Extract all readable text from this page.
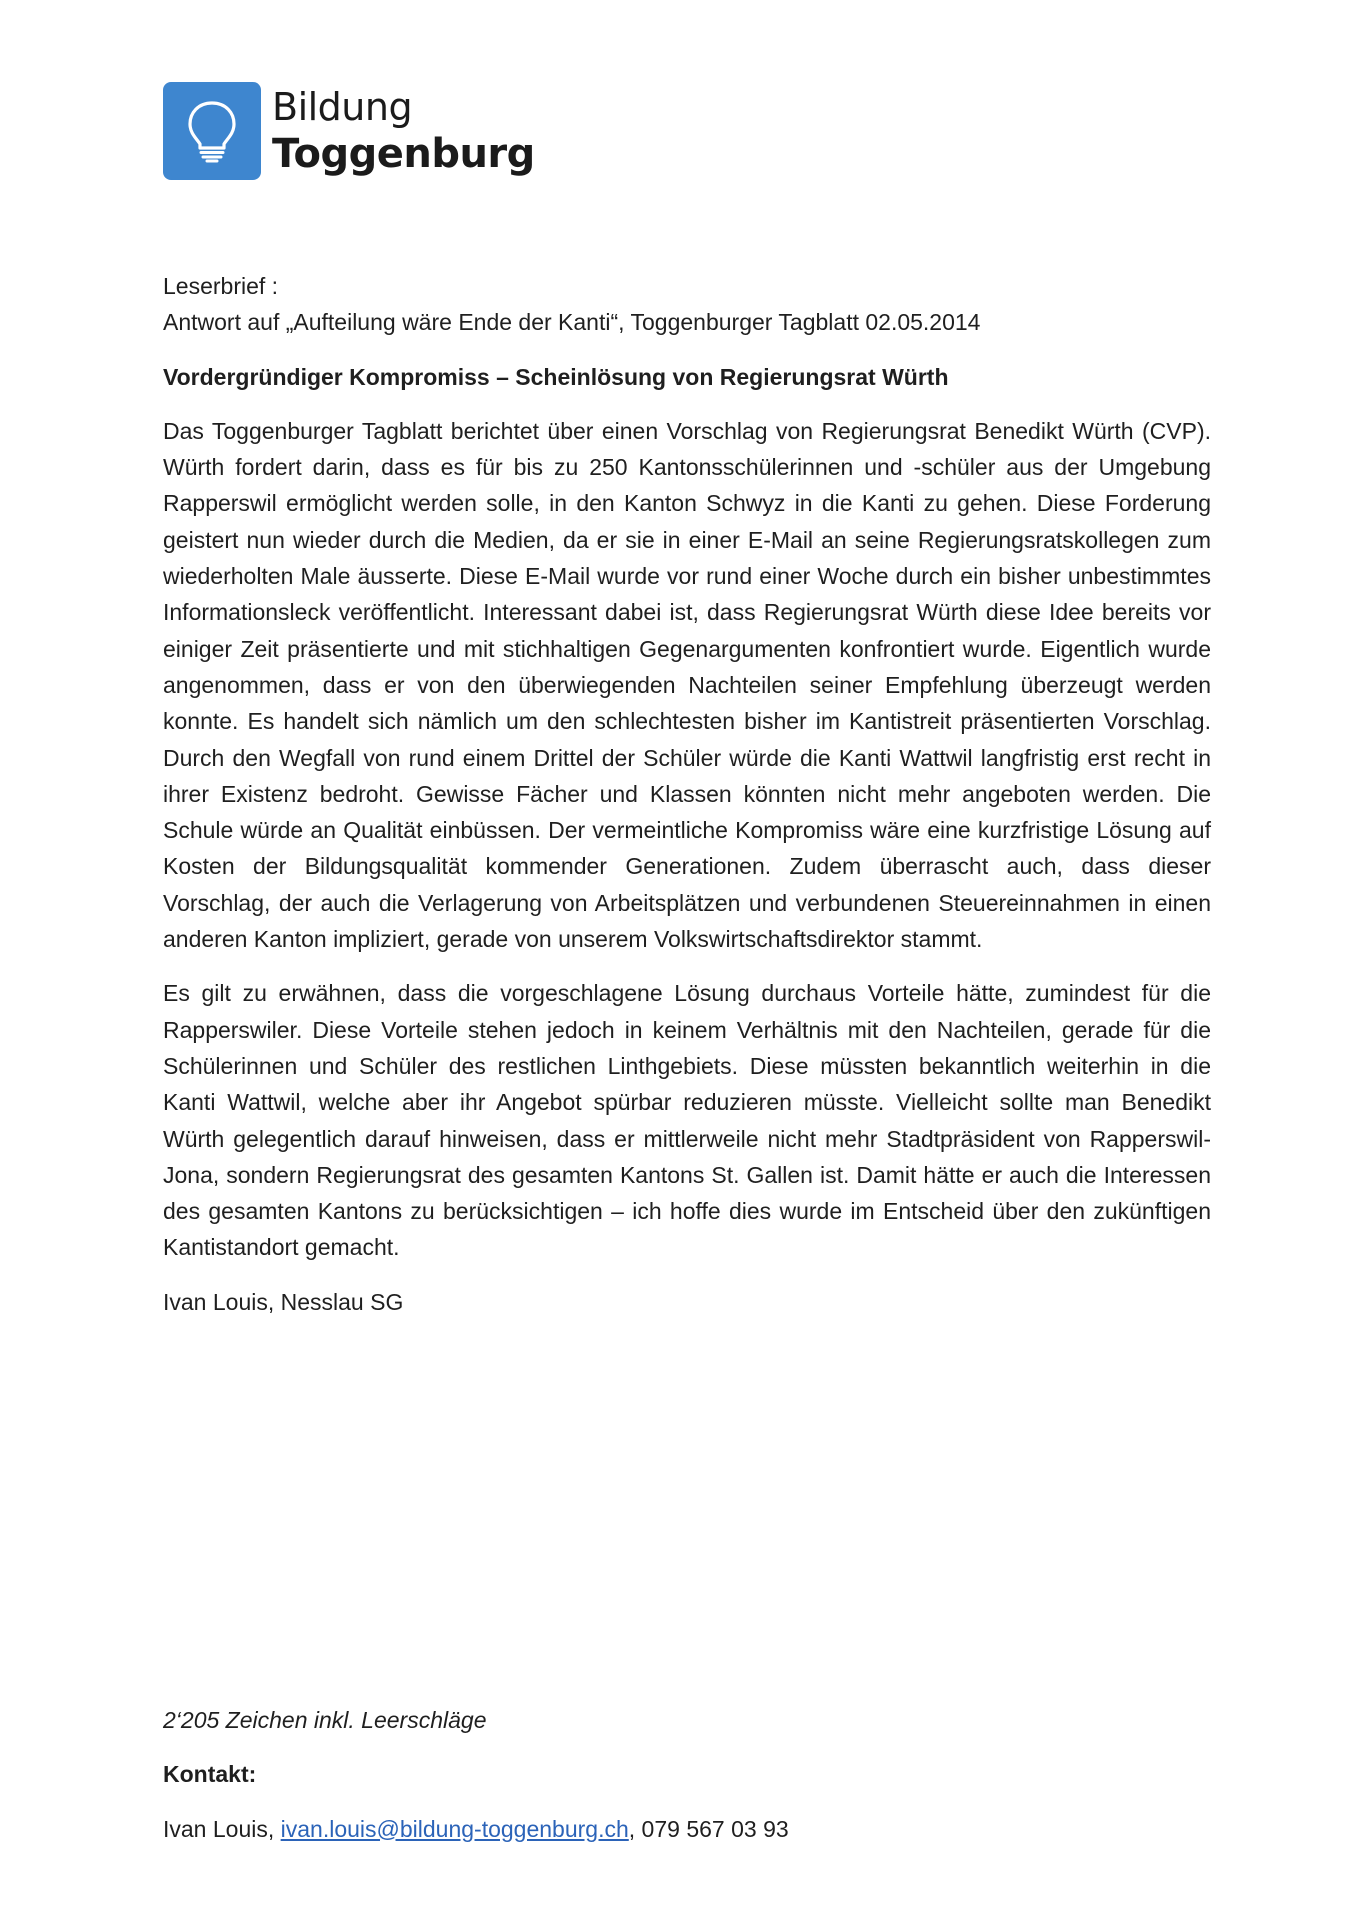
Bildung
Toggenburg

Leserbrief :

Antwort auf „Aufteilung wäre Ende der Kanti“, Toggenburger Tagblatt 02.05.2014

Vordergründiger Kompromiss – Scheinlösung von Regierungsrat Würth

Das Toggenburger Tagblatt berichtet über einen Vorschlag von Regierungsrat Benedikt Würth (CVP). Würth fordert darin, dass es für bis zu 250 Kantonsschülerinnen und -schüler aus der Umgebung Rapperswil ermöglicht werden solle, in den Kanton Schwyz in die Kanti zu gehen. Diese Forderung geistert nun wieder durch die Medien, da er sie in einer E-Mail an seine Regierungsratskollegen zum wiederholten Male äusserte. Diese E-Mail wurde vor rund einer Woche durch ein bisher unbestimmtes Informationsleck veröffentlicht. Interessant dabei ist, dass Regierungsrat Würth diese Idee bereits vor einiger Zeit präsentierte und mit stichhaltigen Gegenargumenten konfrontiert wurde. Eigentlich wurde angenommen, dass er von den überwiegenden Nachteilen seiner Empfehlung überzeugt werden konnte. Es handelt sich nämlich um den schlechtesten bisher im Kantistreit präsentierten Vorschlag. Durch den Wegfall von rund einem Drittel der Schüler würde die Kanti Wattwil langfristig erst recht in ihrer Existenz bedroht. Gewisse Fächer und Klassen könnten nicht mehr angeboten werden. Die Schule würde an Qualität einbüssen. Der vermeintliche Kompromiss wäre eine kurzfristige Lösung auf Kosten der Bildungsqualität kommender Generationen. Zudem überrascht auch, dass dieser Vorschlag, der auch die Verlagerung von Arbeitsplätzen und verbundenen Steuereinnahmen in einen anderen Kanton impliziert, gerade von unserem Volkswirtschaftsdirektor stammt.

Es gilt zu erwähnen, dass die vorgeschlagene Lösung durchaus Vorteile hätte, zumindest für die Rapperswiler. Diese Vorteile stehen jedoch in keinem Verhältnis mit den Nachteilen, gerade für die Schülerinnen und Schüler des restlichen Linthgebiets. Diese müssten bekanntlich weiterhin in die Kanti Wattwil, welche aber ihr Angebot spürbar reduzieren müsste. Vielleicht sollte man Benedikt Würth gelegentlich darauf hinweisen, dass er mittlerweile nicht mehr Stadtpräsident von Rapperswil-Jona, sondern Regierungsrat des gesamten Kantons St. Gallen ist. Damit hätte er auch die Interessen des gesamten Kantons zu berücksichtigen – ich hoffe dies wurde im Entscheid über den zukünftigen Kantistandort gemacht.

Ivan Louis, Nesslau SG

2‘205 Zeichen inkl. Leerschläge

Kontakt:

Ivan Louis, ivan.louis@bildung-toggenburg.ch, 079 567 03 93
